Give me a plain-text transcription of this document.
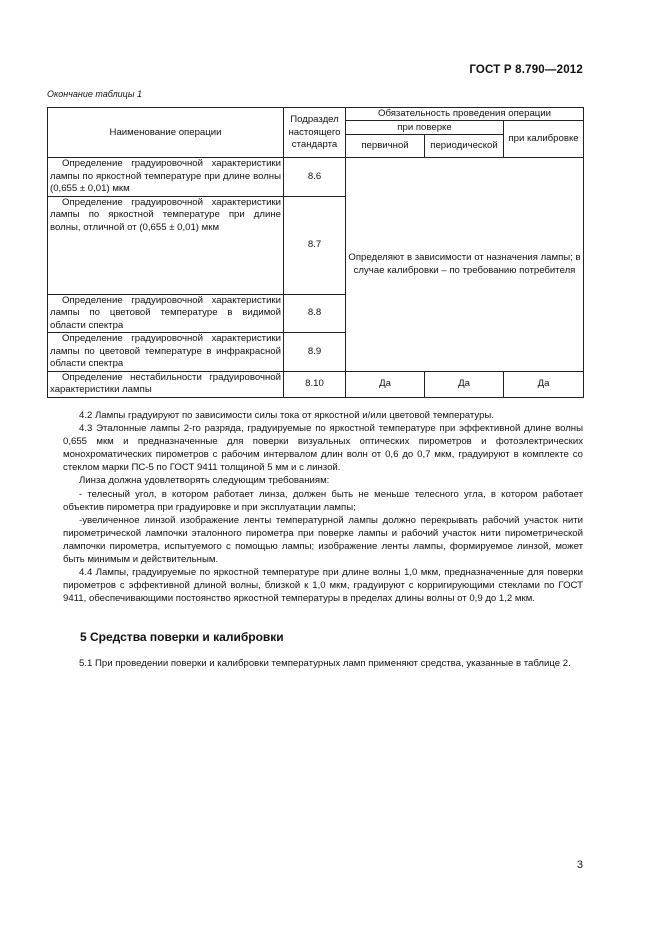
ГОСТ Р 8.790—2012
Окончание таблицы 1
Наименование операции	Подраздел настоящего стандарта	Обязательность проведения операции		
		при поверке		при калибровке
		первичной	периодической	
Определение градуировочной характеристики лампы по яркостной температуре при длине волны (0,655 ± 0,01) мкм	8.6	Определяют в зависимости от назначения лампы; в случае калибровки – по требованию потребителя		
Определение градуировочной характеристики лампы по яркостной температуре при длине волны, отличной от (0,655 ± 0,01) мкм	8.7			
Определение градуировочной характеристики лампы по цветовой температуре в видимой области спектра	8.8			
Определение градуировочной характеристики лампы по цветовой температуре в инфракрасной области спектра	8.9			
Определение нестабильности градуировочной характеристики лампы	8.10	Да	Да	Да

4.2 Лампы градуируют по зависимости силы тока от яркостной и/или цветовой температуры.

4.3 Эталонные лампы 2-го разряда, градуируемые по яркостной температуре при эффективной длине волны 0,655 мкм и предназначенные для поверки визуальных оптических пирометров и фотоэлектрических монохроматических пирометров с рабочим интервалом длин волн от 0,6 до 0,7 мкм, градуируют в комплекте со стеклом марки ПС-5 по ГОСТ 9411 толщиной 5 мм и с линзой.

Линза должна удовлетворять следующим требованиям:

- телесный угол, в котором работает линза, должен быть не меньше телесного угла, в котором работает объектив пирометра при градуировке и при эксплуатации лампы;

-увеличенное линзой изображение ленты температурной лампы должно перекрывать рабочий участок нити пирометрической лампочки эталонного пирометра при поверке лампы и рабочий участок нити пирометрической лампочки пирометра, испытуемого с помощью лампы; изображение ленты лампы, формируемое линзой, может быть минимым и действительным.

4.4 Лампы, градуируемые по яркостной температуре при длине волны 1,0 мкм, предназначенные для поверки пирометров с эффективной длиной волны, близкой к 1,0 мкм, градуируют с корригирующими стеклами по ГОСТ 9411, обеспечивающими постоянство яркостной температуры в пределах длины волны от 0,9 до 1,2 мкм.

5 Средства поверки и калибровки

5.1 При проведении поверки и калибровки температурных ламп применяют средства, указанные в таблице 2.

3
